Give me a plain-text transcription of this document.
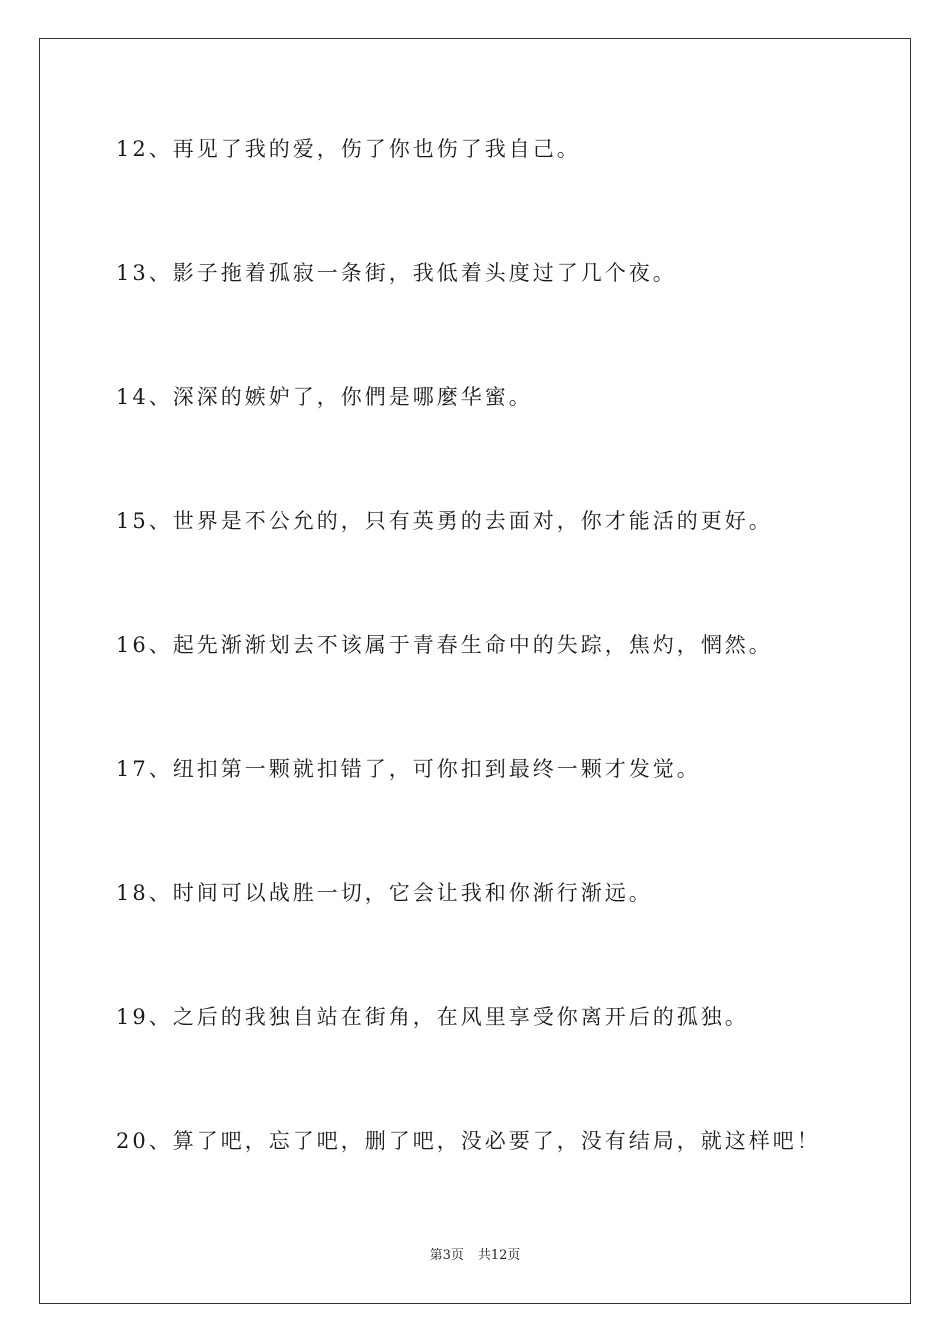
12、再见了我的爱，伤了你也伤了我自己。
13、影子拖着孤寂一条街，我低着头度过了几个夜。
14、深深的嫉妒了，你們是哪麼华蜜。
15、世界是不公允的，只有英勇的去面对，你才能活的更好。
16、起先渐渐划去不该属于青春生命中的失踪，焦灼，惘然。
17、纽扣第一颗就扣错了，可你扣到最终一颗才发觉。
18、时间可以战胜一切，它会让我和你渐行渐远。
19、之后的我独自站在街角，在风里享受你离开后的孤独。
20、算了吧，忘了吧，删了吧，没必要了，没有结局，就这样吧！
第3页 共12页
